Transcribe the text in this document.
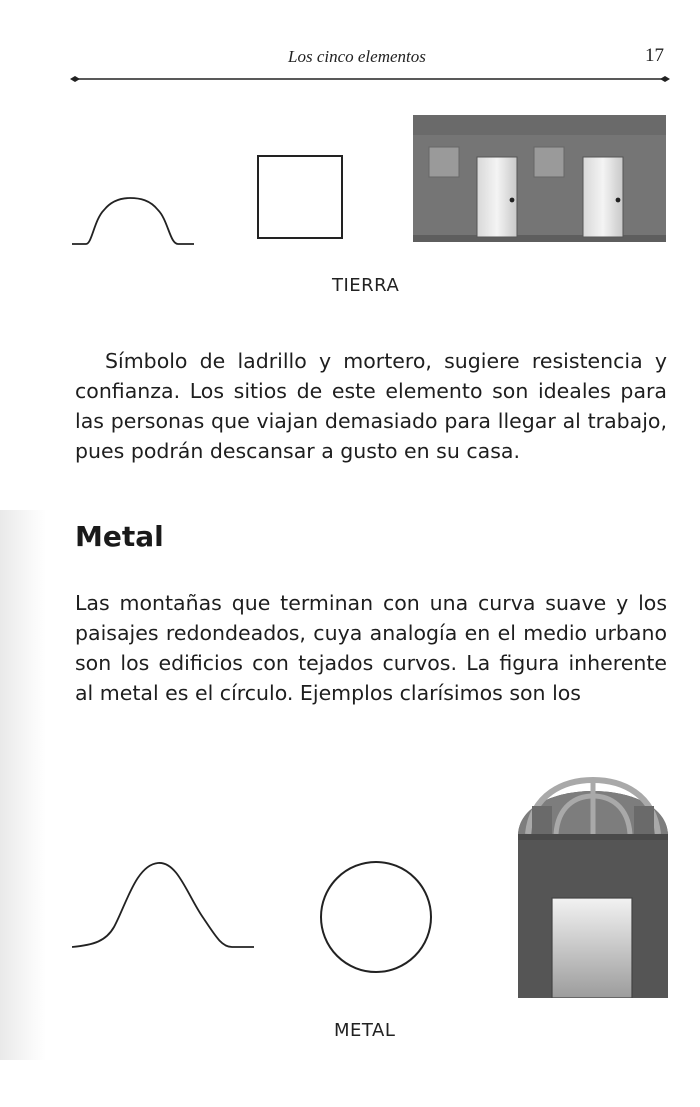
Los cinco elementos	17
TIERRA

Símbolo de ladrillo y mortero, sugiere resistencia y confianza. Los sitios de este elemento son ideales para las personas que viajan demasiado para llegar al trabajo, pues podrán descansar a gusto en su casa.

Metal

Las montañas que terminan con una curva suave y los paisajes redondeados, cuya analogía en el medio urbano son los edificios con tejados curvos. La figura inherente al metal es el círculo. Ejemplos clarísimos son los

METAL
